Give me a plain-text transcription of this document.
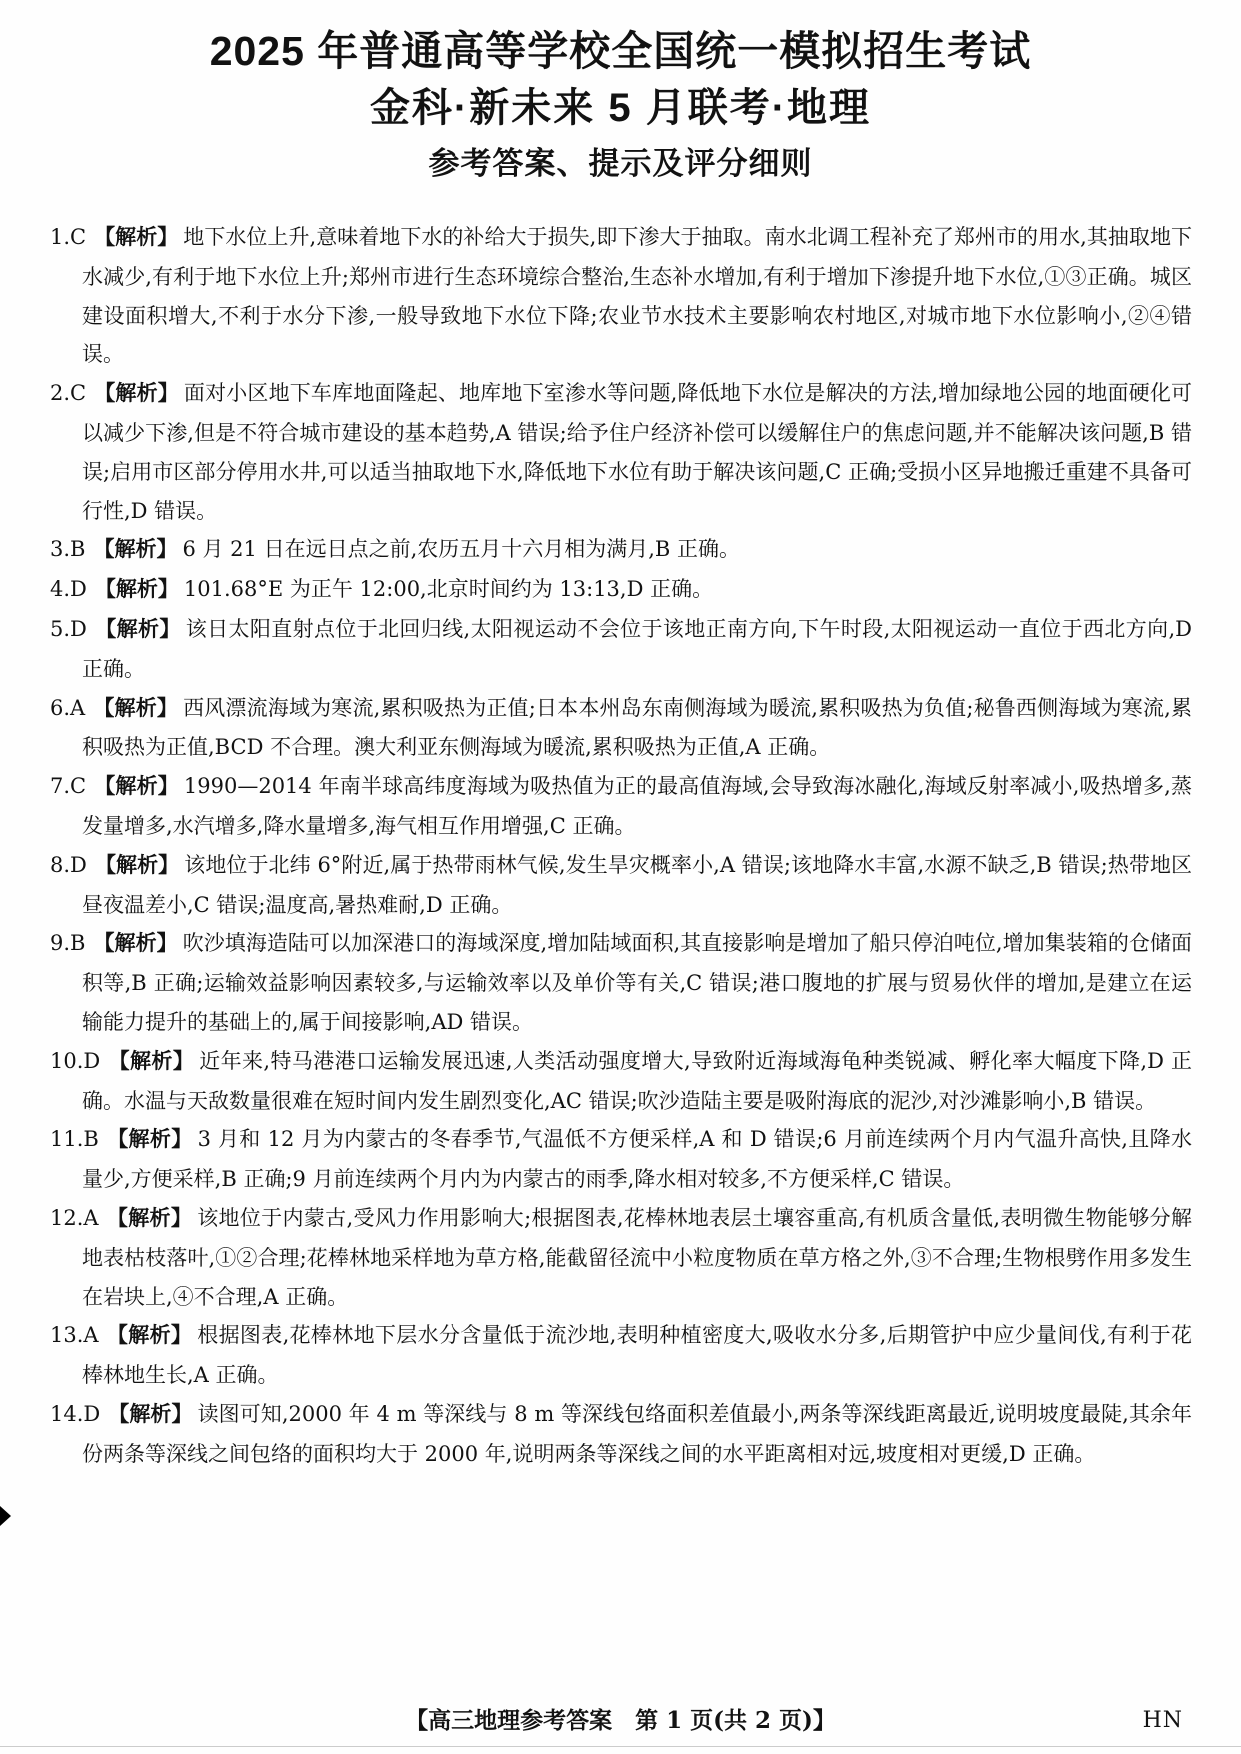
2025 年普通高等学校全国统一模拟招生考试
金科·新未来 5 月联考·地理
参考答案、提示及评分细则

1.C 【解析】 地下水位上升,意味着地下水的补给大于损失,即下渗大于抽取。南水北调工程补充了郑州市的用水,其抽取地下水减少,有利于地下水位上升;郑州市进行生态环境综合整治,生态补水增加,有利于增加下渗提升地下水位,①③正确。城区建设面积增大,不利于水分下渗,一般导致地下水位下降;农业节水技术主要影响农村地区,对城市地下水位影响小,②④错误。

2.C 【解析】 面对小区地下车库地面隆起、地库地下室渗水等问题,降低地下水位是解决的方法,增加绿地公园的地面硬化可以减少下渗,但是不符合城市建设的基本趋势,A 错误;给予住户经济补偿可以缓解住户的焦虑问题,并不能解决该问题,B 错误;启用市区部分停用水井,可以适当抽取地下水,降低地下水位有助于解决该问题,C 正确;受损小区异地搬迁重建不具备可行性,D 错误。

3.B 【解析】 6 月 21 日在远日点之前,农历五月十六月相为满月,B 正确。

4.D 【解析】 101.68°E 为正午 12:00,北京时间约为 13:13,D 正确。

5.D 【解析】 该日太阳直射点位于北回归线,太阳视运动不会位于该地正南方向,下午时段,太阳视运动一直位于西北方向,D 正确。

6.A 【解析】 西风漂流海域为寒流,累积吸热为正值;日本本州岛东南侧海域为暖流,累积吸热为负值;秘鲁西侧海域为寒流,累积吸热为正值,BCD 不合理。澳大利亚东侧海域为暖流,累积吸热为正值,A 正确。

7.C 【解析】 1990—2014 年南半球高纬度海域为吸热值为正的最高值海域,会导致海冰融化,海域反射率减小,吸热增多,蒸发量增多,水汽增多,降水量增多,海气相互作用增强,C 正确。

8.D 【解析】 该地位于北纬 6°附近,属于热带雨林气候,发生旱灾概率小,A 错误;该地降水丰富,水源不缺乏,B 错误;热带地区昼夜温差小,C 错误;温度高,暑热难耐,D 正确。

9.B 【解析】 吹沙填海造陆可以加深港口的海域深度,增加陆域面积,其直接影响是增加了船只停泊吨位,增加集装箱的仓储面积等,B 正确;运输效益影响因素较多,与运输效率以及单价等有关,C 错误;港口腹地的扩展与贸易伙伴的增加,是建立在运输能力提升的基础上的,属于间接影响,AD 错误。

10.D 【解析】 近年来,特马港港口运输发展迅速,人类活动强度增大,导致附近海域海龟种类锐减、孵化率大幅度下降,D 正确。水温与天敌数量很难在短时间内发生剧烈变化,AC 错误;吹沙造陆主要是吸附海底的泥沙,对沙滩影响小,B 错误。

11.B 【解析】 3 月和 12 月为内蒙古的冬春季节,气温低不方便采样,A 和 D 错误;6 月前连续两个月内气温升高快,且降水量少,方便采样,B 正确;9 月前连续两个月内为内蒙古的雨季,降水相对较多,不方便采样,C 错误。

12.A 【解析】 该地位于内蒙古,受风力作用影响大;根据图表,花棒林地表层土壤容重高,有机质含量低,表明微生物能够分解地表枯枝落叶,①②合理;花棒林地采样地为草方格,能截留径流中小粒度物质在草方格之外,③不合理;生物根劈作用多发生在岩块上,④不合理,A 正确。

13.A 【解析】 根据图表,花棒林地下层水分含量低于流沙地,表明种植密度大,吸收水分多,后期管护中应少量间伐,有利于花棒林地生长,A 正确。

14.D 【解析】 读图可知,2000 年 4 m 等深线与 8 m 等深线包络面积差值最小,两条等深线距离最近,说明坡度最陡,其余年份两条等深线之间包络的面积均大于 2000 年,说明两条等深线之间的水平距离相对远,坡度相对更缓,D 正确。

【高三地理参考答案　第 1 页(共 2 页)】	HN
